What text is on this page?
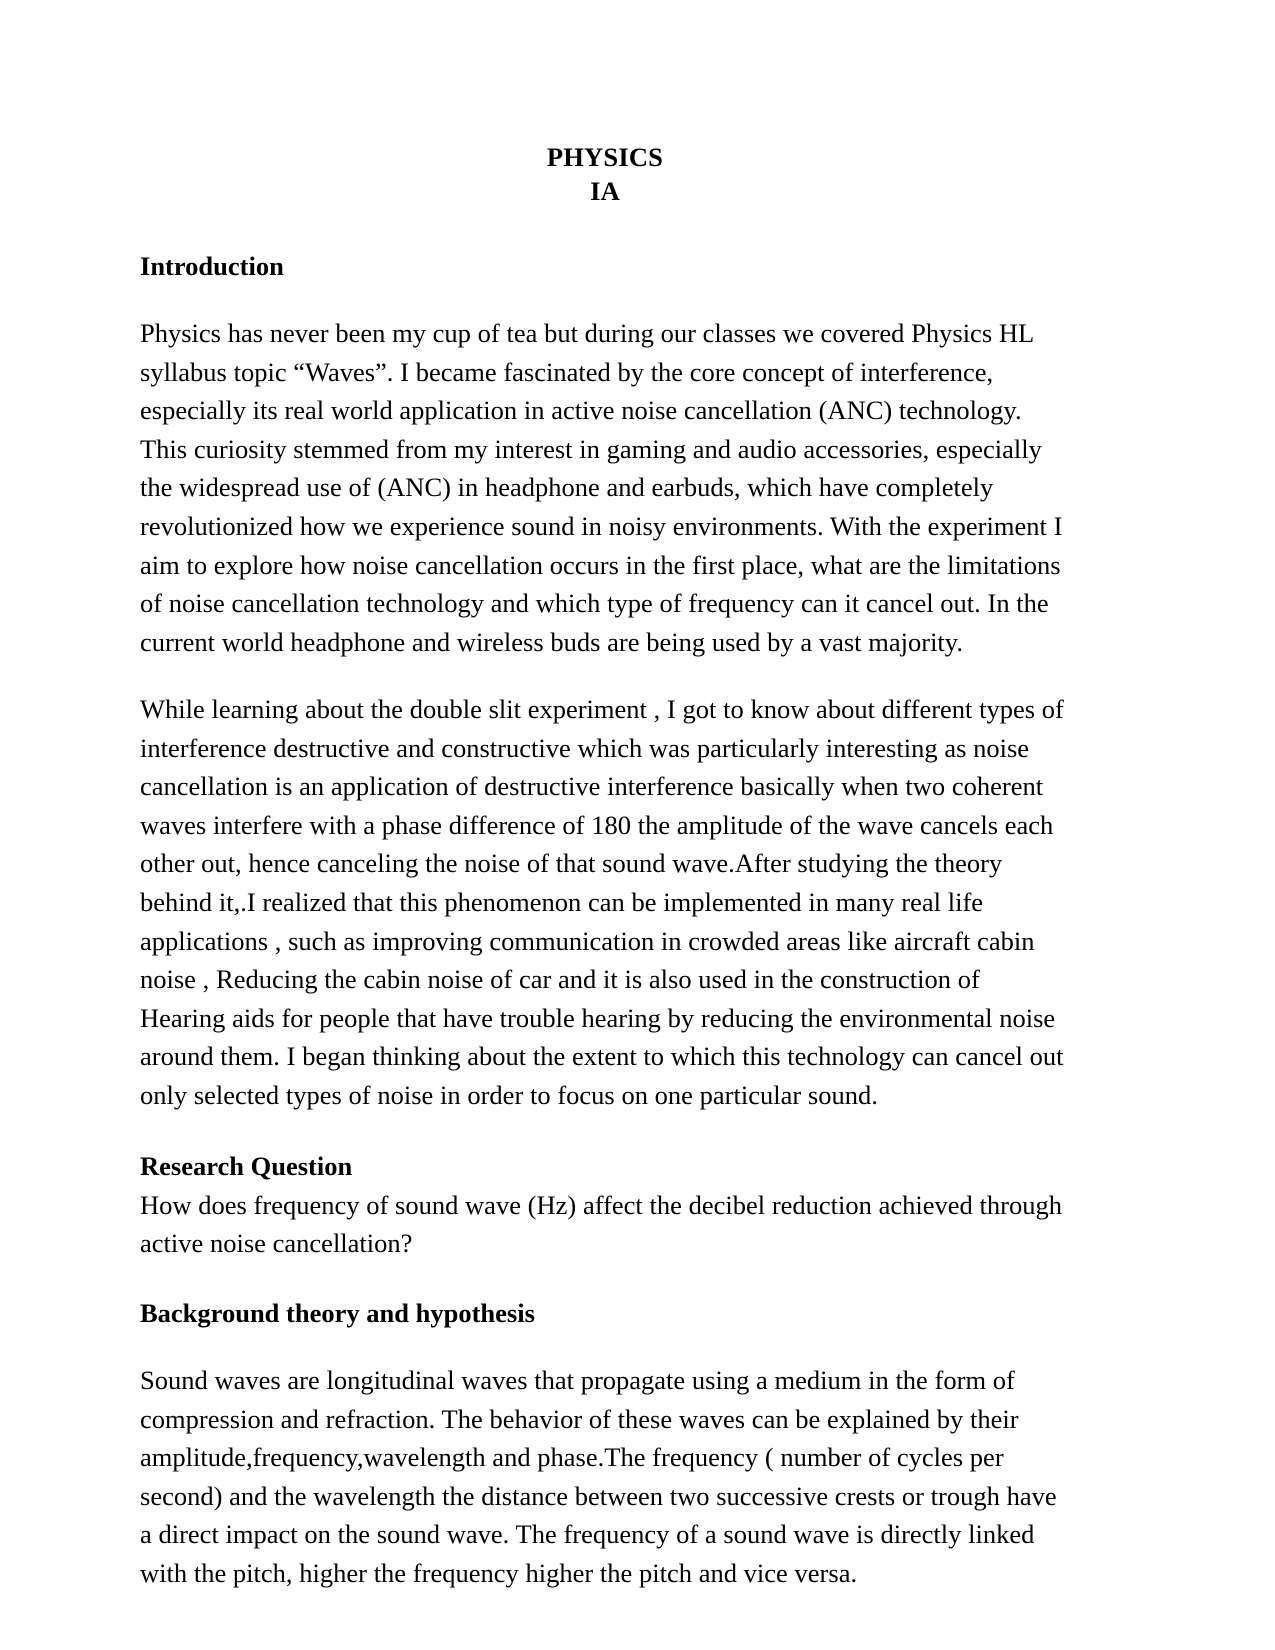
PHYSICS
IA
Introduction

Physics has never been my cup of tea but during our classes we covered Physics HL syllabus topic “Waves”. I became fascinated by the core concept of interference, especially its real world application in active noise cancellation (ANC) technology.

This curiosity stemmed from my interest in gaming and audio accessories, especially the widespread use of (ANC) in headphone and earbuds, which have completely revolutionized how we experience sound in noisy environments. With the experiment I aim to explore how noise cancellation occurs in the first place, what are the limitations of noise cancellation technology and which type of frequency can it cancel out. In the current world headphone and wireless buds are being used by a vast majority.

While learning about the double slit experiment , I got to know about different types of interference destructive and constructive which was particularly interesting as noise cancellation is an application of destructive interference basically when two coherent waves interfere with a phase difference of 180 the amplitude of the wave cancels each other out, hence canceling the noise of that sound wave.After studying the theory behind it,.I realized that this phenomenon can be implemented in many real life applications , such as improving communication in crowded areas like aircraft cabin noise , Reducing the cabin noise of car and it is also used in the construction of Hearing aids for people that have trouble hearing by reducing the environmental noise around them. I began thinking about the extent to which this technology can cancel out only selected types of noise in order to focus on one particular sound.

Research Question

How does frequency of sound wave (Hz) affect the decibel reduction achieved through active noise cancellation?

Background theory and hypothesis

Sound waves are longitudinal waves that propagate using a medium in the form of compression and refraction. The behavior of these waves can be explained by their amplitude,frequency,wavelength and phase.The frequency ( number of cycles per second) and the wavelength the distance between two successive crests or trough have a direct impact on the sound wave. The frequency of a sound wave is directly linked with the pitch, higher the frequency higher the pitch and vice versa.
